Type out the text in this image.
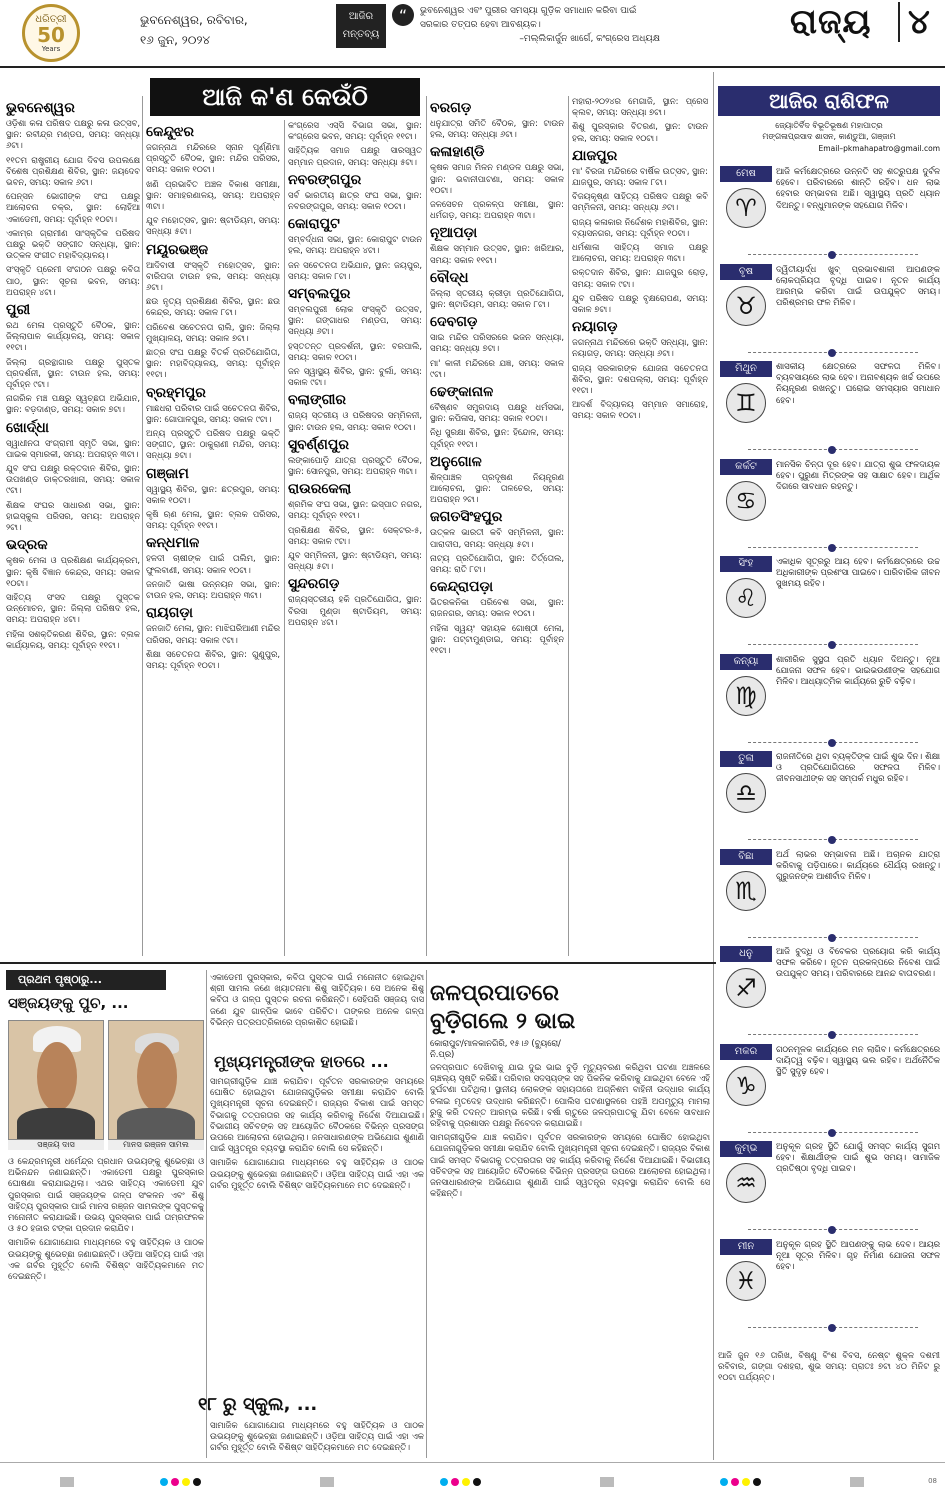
ଧରିତ୍ରୀ
50
Years
ଭୁବନେଶ୍ୱର, ରବିବାର,
୧୬ ଜୁନ, ୨୦୨୪
ଆଜିର
ମନ୍ତବ୍ୟ
“	ଭୁବନେଶ୍ୱର ଏବଂ ପୁରୀର ସମସ୍ୟା ଗୁଡ଼ିକ ସମାଧାନ କରିବା ପାଇଁ ସରକାର ତତ୍ପର ହେବା ଆବଶ୍ୟକ।
–ମଲ୍ଲିକାର୍ଜୁନ ଖାର୍ଗେ, କଂଗ୍ରେସ ଅଧ୍ୟକ୍ଷ	ରାଜ୍ୟ ୪
ଆଜି କ'ଣ କେଉଁଠି
ଭୁବନେଶ୍ୱର

ଓଡ଼ିଶା କଳା ପରିଷଦ ପକ୍ଷରୁ କଳା ଉତ୍ସବ, ସ୍ଥାନ: ରବୀନ୍ଦ୍ର ମଣ୍ଡପ, ସମୟ: ସନ୍ଧ୍ୟା ୬ଟା।

୧୧ତମ ରାଷ୍ଟ୍ରୀୟ ଯୋଗ ଦିବସ ଉପଲକ୍ଷେ ବିଶେଷ ପ୍ରଶିକ୍ଷଣ ଶିବିର, ସ୍ଥାନ: ଜୟଦେବ ଭବନ, ସମୟ: ସକାଳ ୬ଟା।

ପେନ୍‌ସନ ଭୋଗୀଙ୍କ ସଂଘ ପକ୍ଷରୁ ଆଲୋଚନା ଚକ୍ର, ସ୍ଥାନ: ଲୋହିଆ ଏକାଡେମୀ, ସମୟ: ପୂର୍ବାହ୍ନ ୧୦ଟା।

ଏକାମ୍ର ଗ୍ରାମୀଣ ସାଂସ୍କୃତିକ ପରିଷଦ ପକ୍ଷରୁ ଭକ୍ତି ସଙ୍ଗୀତ ସନ୍ଧ୍ୟା, ସ୍ଥାନ: ଉତ୍କଳ ସଂଗୀତ ମହାବିଦ୍ୟାଳୟ।

ସଂସ୍କୃତି ପ୍ରେମୀ ସଂଗଠନ ପକ୍ଷରୁ କବିତା ପାଠ, ସ୍ଥାନ: ସୂଚନା ଭବନ, ସମୟ: ଅପରାହ୍ନ ୪ଟା।

ପୁରୀ

ରଥ ମେଳା ପ୍ରସ୍ତୁତି ବୈଠକ, ସ୍ଥାନ: ଜିଲ୍ଲାପାଳ କାର୍ଯ୍ୟାଳୟ, ସମୟ: ସକାଳ ୧୧ଟା।

ଜିଲ୍ଲା ଗ୍ରନ୍ଥାଗାର ପକ୍ଷରୁ ପୁସ୍ତକ ପ୍ରଦର୍ଶନୀ, ସ୍ଥାନ: ଟାଉନ ହଲ, ସମୟ: ପୂର୍ବାହ୍ନ ୯ଟା।

ନାଗରିକ ମଞ୍ଚ ପକ୍ଷରୁ ସ୍ୱଚ୍ଛତା ଅଭିଯାନ, ସ୍ଥାନ: ବଡ଼ଦାଣ୍ଡ, ସମୟ: ସକାଳ ୭ଟା।

ଖୋର୍ଦ୍ଧା

ସ୍ୱାଧୀନତା ସଂଗ୍ରାମୀ ସ୍ମୃତି ସଭା, ସ୍ଥାନ: ପାଇକ ସ୍ମାରକୀ, ସମୟ: ଅପରାହ୍ନ ୩ଟା।

ଯୁବ ସଂଘ ପକ୍ଷରୁ ରକ୍ତଦାନ ଶିବିର, ସ୍ଥାନ: ଉପଖଣ୍ଡ ଡାକ୍ତରଖାନା, ସମୟ: ସକାଳ ୯ଟା।

ଶିକ୍ଷକ ସଂଘର ସାଧାରଣ ସଭା, ସ୍ଥାନ: ହାଇସ୍କୁଲ ପରିସର, ସମୟ: ଅପରାହ୍ନ ୨ଟା।

ଭଦ୍ରକ

କୃଷକ ମେଳା ଓ ପ୍ରଶିକ୍ଷଣ କାର୍ଯ୍ୟକ୍ରମ, ସ୍ଥାନ: କୃଷି ବିଜ୍ଞାନ କେନ୍ଦ୍ର, ସମୟ: ସକାଳ ୧୦ଟା।

ସାହିତ୍ୟ ସଂସଦ ପକ୍ଷରୁ ପୁସ୍ତକ ଉନ୍ମୋଚନ, ସ୍ଥାନ: ଜିଲ୍ଲା ପରିଷଦ ହଲ, ସମୟ: ଅପରାହ୍ନ ୪ଟା।

ମହିଳା ସଶକ୍ତିକରଣ ଶିବିର, ସ୍ଥାନ: ବ୍ଲକ କାର୍ଯ୍ୟାଳୟ, ସମୟ: ପୂର୍ବାହ୍ନ ୧୧ଟା।

କେନ୍ଦୁଝର

ଜଗନ୍ନାଥ ମନ୍ଦିରରେ ସ୍ନାନ ପୂର୍ଣ୍ଣିମା ପ୍ରସ୍ତୁତି ବୈଠକ, ସ୍ଥାନ: ମନ୍ଦିର ପରିସର, ସମୟ: ସକାଳ ୧୦ଟା।

ଖଣି ପ୍ରଭାବିତ ଅଞ୍ଚଳ ବିକାଶ ସମୀକ୍ଷା, ସ୍ଥାନ: ସମାହରଣାଳୟ, ସମୟ: ଅପରାହ୍ନ ୩ଟା।

ଯୁବ ମହୋତ୍ସବ, ସ୍ଥାନ: ଷ୍ଟାଡିୟମ, ସମୟ: ସନ୍ଧ୍ୟା ୫ଟା।

ମୟୂରଭଞ୍ଜ

ଆଦିବାସୀ ସଂସ୍କୃତି ମହୋତ୍ସବ, ସ୍ଥାନ: ବାରିପଦା ଟାଉନ ହଲ, ସମୟ: ସନ୍ଧ୍ୟା ୬ଟା।

ଛଉ ନୃତ୍ୟ ପ୍ରଶିକ୍ଷଣ ଶିବିର, ସ୍ଥାନ: ଛଉ କେନ୍ଦ୍ର, ସମୟ: ସକାଳ ୮ଟା।

ପରିବେଶ ସଚେତନତା ରାଲି, ସ୍ଥାନ: ଜିଲ୍ଲା ମୁଖ୍ୟାଳୟ, ସମୟ: ସକାଳ ୭ଟା।

ଛାତ୍ର ସଂଘ ପକ୍ଷରୁ ବିତର୍କ ପ୍ରତିଯୋଗିତା, ସ୍ଥାନ: ମହାବିଦ୍ୟାଳୟ, ସମୟ: ପୂର୍ବାହ୍ନ ୧୧ଟା।

ବ୍ରହ୍ମପୁର

ମାଛଧରା ପରିବାର ପାଇଁ ସଚେତନତା ଶିବିର, ସ୍ଥାନ: ଗୋପାଳପୁର, ସମୟ: ସକାଳ ୯ଟା।

ଅନ୍ୟ ପ୍ରସ୍ତୁତି ପରିଷଦ ପକ୍ଷରୁ ଭକ୍ତି ସଙ୍ଗୀତ, ସ୍ଥାନ: ଠାକୁରାଣୀ ମନ୍ଦିର, ସମୟ: ସନ୍ଧ୍ୟା ୭ଟା।

ଗଞ୍ଜାମ

ସ୍ୱାସ୍ଥ୍ୟ ଶିବିର, ସ୍ଥାନ: ଛତ୍ରପୁର, ସମୟ: ସକାଳ ୧୦ଟା।

କୃଷି ଋଣ ମେଳା, ସ୍ଥାନ: ବ୍ଲକ ପରିସର, ସମୟ: ପୂର୍ବାହ୍ନ ୧୧ଟା।

କନ୍ଧମାଳ

ହଳଦୀ ଚାଷୀଙ୍କ ପାଇଁ ତାଲିମ, ସ୍ଥାନ: ଫୁଲବାଣୀ, ସମୟ: ସକାଳ ୧୦ଟା।

ଜନଜାତି ଭାଷା ଉନ୍ନୟନ ସଭା, ସ୍ଥାନ: ଟାଉନ ହଲ, ସମୟ: ଅପରାହ୍ନ ୩ଟା।

ରାୟଗଡ଼ା

ଜନଜାତି ମେଳା, ସ୍ଥାନ: ମାଝିଘରିଆଣୀ ମନ୍ଦିର ପରିସର, ସମୟ: ସକାଳ ୯ଟା।

ଶିକ୍ଷା ସଚେତନତା ଶିବିର, ସ୍ଥାନ: ଗୁଣୁପୁର, ସମୟ: ପୂର୍ବାହ୍ନ ୧୦ଟା।

କଂଗ୍ରେସ ଏସ୍‌ସି ବିଭାଗ ସଭା, ସ୍ଥାନ: କଂଗ୍ରେସ ଭବନ, ସମୟ: ପୂର୍ବାହ୍ନ ୧୧ଟା।

ସାହିତ୍ୟିକ ସମାଜ ପକ୍ଷରୁ ସାରସ୍ୱତ ସମ୍ମାନ ପ୍ରଦାନ, ସମୟ: ସନ୍ଧ୍ୟା ୫ଟା।

ନବରଙ୍ଗପୁର

ସର୍ବ ଭାରତୀୟ ଛାତ୍ର ସଂଘ ସଭା, ସ୍ଥାନ: ନବରଙ୍ଗପୁର, ସମୟ: ସକାଳ ୧୦ଟା।

କୋରାପୁଟ

ସମ୍ବର୍ଦ୍ଧନା ସଭା, ସ୍ଥାନ: କୋରାପୁଟ ଟାଉନ ହଲ, ସମୟ: ଅପରାହ୍ନ ୪ଟା।

ଜନ ସଚେତନତା ଅଭିଯାନ, ସ୍ଥାନ: ଜୟପୁର, ସମୟ: ସକାଳ ୮ଟା।

ସମ୍ବଲପୁର

ସମ୍ବଲପୁରୀ ଲୋକ ସଂସ୍କୃତି ଉତ୍ସବ, ସ୍ଥାନ: ଗଙ୍ଗାଧର ମଣ୍ଡପ, ସମୟ: ସନ୍ଧ୍ୟା ୬ଟା।

ହସ୍ତତନ୍ତ ପ୍ରଦର୍ଶନୀ, ସ୍ଥାନ: ବରପାଲି, ସମୟ: ସକାଳ ୧୦ଟା।

ଜନ ସ୍ୱାସ୍ଥ୍ୟ ଶିବିର, ସ୍ଥାନ: ବୁର୍ଲା, ସମୟ: ସକାଳ ୯ଟା।

ବଲାଙ୍ଗୀର

ରାଜ୍ୟ ସ୍ତରୀୟ ଓ ପରିଷଦର ସମ୍ମିଳନୀ, ସ୍ଥାନ: ଟାଉନ ହଲ, ସମୟ: ସକାଳ ୧୦ଟା।

ସୁବର୍ଣ୍ଣପୁର

ଲଙ୍କାପୋଡ଼ି ଯାତ୍ରା ପ୍ରସ୍ତୁତି ବୈଠକ, ସ୍ଥାନ: ସୋନପୁର, ସମୟ: ଅପରାହ୍ନ ୩ଟା।

ରାଉରକେଲା

ଶ୍ରମିକ ସଂଘ ସଭା, ସ୍ଥାନ: ଇସ୍ପାତ ନଗର, ସମୟ: ପୂର୍ବାହ୍ନ ୧୧ଟା।

ପ୍ରଶିକ୍ଷଣ ଶିବିର, ସ୍ଥାନ: ସେକ୍ଟର-୫, ସମୟ: ସକାଳ ୯ଟା।

ଯୁବ ସମ୍ମିଳନୀ, ସ୍ଥାନ: ଷ୍ଟାଡିୟମ, ସମୟ: ସନ୍ଧ୍ୟା ୫ଟା।

ସୁନ୍ଦରଗଡ଼

ରାଜ୍ୟସ୍ତରୀୟ ହକି ପ୍ରତିଯୋଗିତା, ସ୍ଥାନ: ବିରସା ମୁଣ୍ଡା ଷ୍ଟାଡିୟମ, ସମୟ: ଅପରାହ୍ନ ୪ଟା।

ବରଗଡ଼

ଧନୁଯାତ୍ରା ସମିତି ବୈଠକ, ସ୍ଥାନ: ଟାଉନ ହଲ, ସମୟ: ସନ୍ଧ୍ୟା ୬ଟା।

କଳାହାଣ୍ଡି

କୃଷକ ସମାଜ ମିଳନ ମଣ୍ଡଳ ପକ୍ଷରୁ ସଭା, ସ୍ଥାନ: ଭବାନୀପାଟଣା, ସମୟ: ସକାଳ ୧୦ଟା।

ଜଳସେଚନ ପ୍ରକଳ୍ପ ସମୀକ୍ଷା, ସ୍ଥାନ: ଧର୍ମଗଡ଼, ସମୟ: ଅପରାହ୍ନ ୩ଟା।

ନୂଆପଡ଼ା

ଶିକ୍ଷକ ସମ୍ମାନ ଉତ୍ସବ, ସ୍ଥାନ: ଖରିଆର, ସମୟ: ସକାଳ ୧୧ଟା।

ବୌଦ୍ଧ

ଜିଲ୍ଲା ସ୍ତରୀୟ କ୍ରୀଡ଼ା ପ୍ରତିଯୋଗିତା, ସ୍ଥାନ: ଷ୍ଟାଡିୟମ, ସମୟ: ସକାଳ ୮ଟା।

ଦେବଗଡ଼

ସାଇ ମନ୍ଦିର ପରିସରରେ ଭଜନ ସନ୍ଧ୍ୟା, ସମୟ: ସନ୍ଧ୍ୟା ୭ଟା।

ମା' କାଳୀ ମନ୍ଦିରରେ ଯଜ୍ଞ, ସମୟ: ସକାଳ ୯ଟା।

ଢେଙ୍କାନାଳ

ବୈଷ୍ଣବ ସମ୍ପ୍ରଦାୟ ପକ୍ଷରୁ ଧର୍ମସଭା, ସ୍ଥାନ: କପିଳାସ, ସମୟ: ସକାଳ ୧୦ଟା।

ନିଧି ସୁରକ୍ଷା ଶିବିର, ସ୍ଥାନ: ହିନ୍ଦୋଳ, ସମୟ: ପୂର୍ବାହ୍ନ ୧୧ଟା।

ଅନୁଗୋଳ

ଶିଳ୍ପାଞ୍ଚଳ ପ୍ରଦୂଷଣ ନିୟନ୍ତ୍ରଣ ଆଲୋଚନା, ସ୍ଥାନ: ତାଳଚେର, ସମୟ: ଅପରାହ୍ନ ୨ଟା।

ଜଗତସିଂହପୁର

ଉତ୍କଳ ଭାରତୀ କବି ସମ୍ମିଳନୀ, ସ୍ଥାନ: ପାରାଦୀପ, ସମୟ: ସନ୍ଧ୍ୟା ୫ଟା।

ନାଟ୍ୟ ପ୍ରତିଯୋଗିତା, ସ୍ଥାନ: ତିର୍ତ୍ତୋଲ, ସମୟ: ରାତି ୮ଟା।

କେନ୍ଦ୍ରାପଡ଼ା

ଭିତରକନିକା ପରିବେଶ ସଭା, ସ୍ଥାନ: ରାଜନଗର, ସମୟ: ସକାଳ ୧୦ଟା।

ମହିଳା ସ୍ୱୟଂ ସହାୟକ ଗୋଷ୍ଠୀ ମେଳା, ସ୍ଥାନ: ପଟ୍ଟାମୁଣ୍ଡାଇ, ସମୟ: ପୂର୍ବାହ୍ନ ୧୧ଟା।

ମହାରା-୨୦୨୪ର ମେଗାଜି, ସ୍ଥାନ: ପ୍ରେସ କ୍ଲବ, ସମୟ: ସନ୍ଧ୍ୟା ୭ଟା।

ଶିଶୁ ପୁରସ୍କାର ବିତରଣ, ସ୍ଥାନ: ଟାଉନ ହଲ, ସମୟ: ସକାଳ ୧୦ଟା।

ଯାଜପୁର

ମା' ବିରଜା ମନ୍ଦିରରେ ବାର୍ଷିକ ଉତ୍ସବ, ସ୍ଥାନ: ଯାଜପୁର, ସମୟ: ସକାଳ ୮ଟା।

ବିଜୟକୃଷ୍ଣ ସାହିତ୍ୟ ପରିଷଦ ପକ୍ଷରୁ କବି ସମ୍ମିଳନୀ, ସମୟ: ସନ୍ଧ୍ୟା ୬ଟା।

ରାଜ୍ୟ କଳାକାର ନିର୍ଦ୍ଦେଶକ ମହାଶିବିର, ସ୍ଥାନ: ବ୍ୟାସନଗର, ସମୟ: ପୂର୍ବାହ୍ନ ୧୦ଟା।

ଧର୍ମଶାଳା ସାହିତ୍ୟ ସମାଜ ପକ୍ଷରୁ ଆଲୋଚନା, ସମୟ: ଅପରାହ୍ନ ୩ଟା।

ରକ୍ତଦାନ ଶିବିର, ସ୍ଥାନ: ଯାଜପୁର ରୋଡ଼, ସମୟ: ସକାଳ ୯ଟା।

ଯୁବ ପରିଷଦ ପକ୍ଷରୁ ବୃକ୍ଷରୋପଣ, ସମୟ: ସକାଳ ୭ଟା।

ନୟାଗଡ଼

ଜଗନ୍ନାଥ ମନ୍ଦିରରେ ଭକ୍ତି ସନ୍ଧ୍ୟା, ସ୍ଥାନ: ନୟାଗଡ଼, ସମୟ: ସନ୍ଧ୍ୟା ୬ଟା।

ରାଜ୍ୟ ସରକାରଙ୍କ ଯୋଜନା ସଚେତନତା ଶିବିର, ସ୍ଥାନ: ଦଶପଲ୍ଲା, ସମୟ: ପୂର୍ବାହ୍ନ ୧୧ଟା।

ଆଦର୍ଶ ବିଦ୍ୟାଳୟ ସମ୍ମାନ ସମାରୋହ, ସମୟ: ସକାଳ ୧୦ଟା।

ଆଜିର ରାଶିଫଳ
ଜ୍ୟୋତିର୍ବିଦ ବିଭୂତିଭୂଷଣ ମହାପାତ୍ର
ମଙ୍ଗଳାପ୍ରସାଦ ଶାସନ, କାଣ୍ଡୁଆ, ଗଞ୍ଜାମ
Email–pkmahapatro@gmail.com
ମେଷ
♈
ଆଜି କର୍ମକ୍ଷେତ୍ରରେ ଉନ୍ନତି ସହ ଶତ୍ରୁପକ୍ଷ ଦୁର୍ବଳ ହେବେ। ପରିବାରରେ ଶାନ୍ତି ରହିବ। ଧନ ଲାଭ ହେବାର ସମ୍ଭାବନା ଅଛି। ସ୍ୱାସ୍ଥ୍ୟ ପ୍ରତି ଧ୍ୟାନ ଦିଅନ୍ତୁ। ବନ୍ଧୁମାନଙ୍କ ସହଯୋଗ ମିଳିବ।
ବୃଷ
♉
ଦ୍ୱିତୀୟାର୍ଦ୍ଧ ଖୁବ୍ ପ୍ରଭାବଶାଳୀ ଆପଣଙ୍କ ଲୋକପ୍ରିୟତା ବୃଦ୍ଧି ପାଇବ। ନୂତନ କାର୍ଯ୍ୟ ଆରମ୍ଭ କରିବା ପାଇଁ ଉପଯୁକ୍ତ ସମୟ। ପରିଶ୍ରମର ଫଳ ମିଳିବ।
ମିଥୁନ
♊
ଶାସକୀୟ କ୍ଷେତ୍ରରେ ସଫଳତା ମିଳିବ। ବ୍ୟବସାୟରେ ଲାଭ ହେବ। ଅନାବଶ୍ୟକ ଖର୍ଚ୍ଚ ଉପରେ ନିୟନ୍ତ୍ରଣ ରଖନ୍ତୁ। ଘରୋଇ ସମସ୍ୟାର ସମାଧାନ ହେବ।
କର୍କଟ
♋
ମାନସିକ ଚିନ୍ତା ଦୂର ହେବ। ଯାତ୍ରା ଶୁଭ ଫଳଦାୟକ ହେବ। ପୁରୁଣା ମିତ୍ରଙ୍କ ସହ ସାକ୍ଷାତ ହେବ। ଆର୍ଥିକ ଦିଗରେ ସାବଧାନ ରହନ୍ତୁ।
ସିଂହ
♌
ଏକାଧିକ ସୂତ୍ରରୁ ଆୟ ହେବ। କର୍ମକ୍ଷେତ୍ରରେ ଉଚ୍ଚ ଅଧିକାରୀଙ୍କ ପ୍ରଶଂସା ପାଇବେ। ପାରିବାରିକ ଜୀବନ ସୁଖମୟ ରହିବ।
କନ୍ୟା
♍
ଶାରୀରିକ ସୁସ୍ଥତା ପ୍ରତି ଧ୍ୟାନ ଦିଅନ୍ତୁ। ନୂଆ ଯୋଜନା ସଫଳ ହେବ। ଭାଇଭଉଣୀଙ୍କ ସହଯୋଗ ମିଳିବ। ଆଧ୍ୟାତ୍ମିକ କାର୍ଯ୍ୟରେ ରୁଚି ବଢ଼ିବ।
ତୁଳା
♎
ରାଜନୀତିରେ ଥିବା ବ୍ୟକ୍ତିଙ୍କ ପାଇଁ ଶୁଭ ଦିନ। ଶିକ୍ଷା ଓ ପ୍ରତିଯୋଗିତାରେ ସଫଳତା ମିଳିବ। ଜୀବନସାଥୀଙ୍କ ସହ ସମ୍ପର୍କ ମଧୁର ରହିବ।
ବିଛା
♏
ଅର୍ଥ ଲାଭର ସମ୍ଭାବନା ଅଛି। ଅଚାନକ ଯାତ୍ରା କରିବାକୁ ପଡ଼ିପାରେ। କାର୍ଯ୍ୟରେ ଧୈର୍ଯ୍ୟ ରଖନ୍ତୁ। ଗୁରୁଜନଙ୍କ ଆଶୀର୍ବାଦ ମିଳିବ।
ଧନୁ
♐
ଆଜି ବୁଦ୍ଧି ଓ ବିବେକର ପ୍ରୟୋଗ କରି କାର୍ଯ୍ୟ ସଫଳ କରିବେ। ନୂତନ ପ୍ରକଳ୍ପରେ ନିବେଶ ପାଇଁ ଉପଯୁକ୍ତ ସମୟ। ପରିବାରରେ ଆନନ୍ଦ ବାତାବରଣ।
ମକର
♑
ଗଠନମୂଳକ କାର୍ଯ୍ୟରେ ମନ ଲାଗିବ। କର୍ମକ୍ଷେତ୍ରରେ ଦାୟିତ୍ୱ ବଢ଼ିବ। ସ୍ୱାସ୍ଥ୍ୟ ଭଲ ରହିବ। ଅର୍ଥନୈତିକ ସ୍ଥିତି ସୁଦୃଢ଼ ହେବ।
କୁମ୍ଭ
♒
ଅନୁକୂଳ ଗ୍ରହ ସ୍ଥିତି ଯୋଗୁଁ ସମସ୍ତ କାର୍ଯ୍ୟ ସୁଗମ ହେବ। ଶିକ୍ଷାର୍ଥୀଙ୍କ ପାଇଁ ଶୁଭ ସମୟ। ସାମାଜିକ ପ୍ରତିଷ୍ଠା ବୃଦ୍ଧି ପାଇବ।
ମୀନ
♓
ଅନୁକୂଳ ଗ୍ରହ ସ୍ଥିତି ଆପଣଙ୍କୁ ଲାଭ ଦେବ। ଆୟର ନୂଆ ସୂତ୍ର ମିଳିବ। ଗୃହ ନିର୍ମାଣ ଯୋଜନା ସଫଳ ହେବ।

ଆଜି ଜୁନ ୧୬ ତାରିଖ, ବିଷ୍ଣୁ ବିଂଶ ବିବସ, ନେଷ୍ଟ ଶୁକ୍ଳ ଦଶମୀ ରବିବାର, ଗଙ୍ଗା ଦଶହରା, ଶୁଭ ସମୟ: ପ୍ରାତଃ ୭ଟା ୪୦ ମିନିଟ ରୁ ୧୦ଟା ପର୍ଯ୍ୟନ୍ତ।

ପ୍ରଥମ ପୃଷ୍ଠାରୁ...
ସଞ୍ଜୟଙ୍କୁ ପୁଚ, ...
ସଞ୍ଜୟ ଦାସ	ମାନସ ରଞ୍ଜନ ସାମଲ

ଓ କେନ୍ଦ୍ରମନ୍ତ୍ରୀ ଧର୍ମେନ୍ଦ୍ର ପ୍ରଧାନ ଉଭୟଙ୍କୁ ଶୁଭେଚ୍ଛା ଓ ଅଭିନନ୍ଦନ ଜଣାଇଛନ୍ତି। ଏକାଡେମୀ ପକ୍ଷରୁ ପୁରସ୍କାର ଘୋଷଣା କରାଯାଇଥିଲା। ଏଥର ସାହିତ୍ୟ ଏକାଡେମୀ ଯୁବ ପୁରସ୍କାର ପାଇଁ ସଞ୍ଜୟଙ୍କ ଗଳ୍ପ ସଂକଳନ ଏବଂ ଶିଶୁ ସାହିତ୍ୟ ପୁରସ୍କାର ପାଇଁ ମାନସ ରଞ୍ଜନ ସାମଲଙ୍କ ପୁସ୍ତକକୁ ମନୋନୀତ କରାଯାଇଛି। ଉଭୟ ପୁରସ୍କାର ପାଇଁ ତାମ୍ରଫଳକ ଓ ୫୦ ହଜାର ଟଙ୍କା ପ୍ରଦାନ କରାଯିବ।

ସାମାଜିକ ଯୋଗାଯୋଗ ମାଧ୍ୟମରେ ବହୁ ସାହିତ୍ୟିକ ଓ ପାଠକ ଉଭୟଙ୍କୁ ଶୁଭେଚ୍ଛା ଜଣାଇଛନ୍ତି। ଓଡ଼ିଆ ସାହିତ୍ୟ ପାଇଁ ଏହା ଏକ ଗର୍ବର ମୁହୂର୍ତ୍ତ ବୋଲି ବିଶିଷ୍ଟ ସାହିତ୍ୟିକମାନେ ମତ ଦେଇଛନ୍ତି।

ଏକାଡେମୀ ପୁରସ୍କାର, କବିତା ପୁସ୍ତକ ପାଇଁ ମନୋନୀତ ହୋଇଥିବା ଶ୍ରୀ ସାମଲ ଜଣେ ଖ୍ୟାତନାମା ଶିଶୁ ସାହିତ୍ୟିକ। ସେ ଅନେକ ଶିଶୁ କବିତା ଓ ଗଳ୍ପ ପୁସ୍ତକ ରଚନା କରିଛନ୍ତି। ସେହିପରି ସଞ୍ଜୟ ଦାସ ଜଣେ ଯୁବ ଗାଳ୍ପିକ ଭାବେ ପରିଚିତ। ତାଙ୍କର ଅନେକ ଗଳ୍ପ ବିଭିନ୍ନ ପତ୍ରପତ୍ରିକାରେ ପ୍ରକାଶିତ ହୋଇଛି।

ମୁଖ୍ୟମନ୍ତ୍ରୀଙ୍କ ହାତରେ ...

ସାମଗ୍ରୀଗୁଡ଼ିକ ଯାଞ୍ଚ କରାଯିବ। ପୂର୍ବତନ ସରକାରଙ୍କ ସମୟରେ ଘୋଷିତ ହୋଇଥିବା ଯୋଜନାଗୁଡ଼ିକର ସମୀକ୍ଷା କରାଯିବ ବୋଲି ମୁଖ୍ୟମନ୍ତ୍ରୀ ସୂଚନା ଦେଇଛନ୍ତି। ରାଜ୍ୟର ବିକାଶ ପାଇଁ ସମସ୍ତ ବିଭାଗକୁ ତତ୍ପରତାର ସହ କାର୍ଯ୍ୟ କରିବାକୁ ନିର୍ଦ୍ଦେଶ ଦିଆଯାଇଛି। ବିଭାଗୀୟ ସଚିବଙ୍କ ସହ ଆୟୋଜିତ ବୈଠକରେ ବିଭିନ୍ନ ପ୍ରସଙ୍ଗ ଉପରେ ଆଲୋଚନା ହୋଇଥିଲା। ଜନସାଧାରଣଙ୍କ ଅଭିଯୋଗ ଶୁଣାଣି ପାଇଁ ସ୍ୱତନ୍ତ୍ର ବ୍ୟବସ୍ଥା କରାଯିବ ବୋଲି ସେ କହିଛନ୍ତି।

ସାମାଜିକ ଯୋଗାଯୋଗ ମାଧ୍ୟମରେ ବହୁ ସାହିତ୍ୟିକ ଓ ପାଠକ ଉଭୟଙ୍କୁ ଶୁଭେଚ୍ଛା ଜଣାଇଛନ୍ତି। ଓଡ଼ିଆ ସାହିତ୍ୟ ପାଇଁ ଏହା ଏକ ଗର୍ବର ମୁହୂର୍ତ୍ତ ବୋଲି ବିଶିଷ୍ଟ ସାହିତ୍ୟିକମାନେ ମତ ଦେଇଛନ୍ତି।

୧୮ ରୁ ସ୍କୁଲ, ...

ସାମାଜିକ ଯୋଗାଯୋଗ ମାଧ୍ୟମରେ ବହୁ ସାହିତ୍ୟିକ ଓ ପାଠକ ଉଭୟଙ୍କୁ ଶୁଭେଚ୍ଛା ଜଣାଇଛନ୍ତି। ଓଡ଼ିଆ ସାହିତ୍ୟ ପାଇଁ ଏହା ଏକ ଗର୍ବର ମୁହୂର୍ତ୍ତ ବୋଲି ବିଶିଷ୍ଟ ସାହିତ୍ୟିକମାନେ ମତ ଦେଇଛନ୍ତି।

ଜଳପ୍ରପାତରେ ବୁଡ଼ିଗଲେ ୨ ଭାଇ
କୋରାପୁଟ/ମାଳକାନଗିରି, ୧୫।୬ (ବ୍ୟୁରୋ/ନି.ପ୍ର)

ଜଳପ୍ରପାତ ଦେଖିବାକୁ ଯାଇ ଦୁଇ ଭାଇ ବୁଡ଼ି ମୃତ୍ୟୁବରଣ କରିଥିବା ଘଟଣା ଅଞ୍ଚଳରେ ଚାଞ୍ଚଲ୍ୟ ସୃଷ୍ଟି କରିଛି। ପରିବାର ସଦସ୍ୟଙ୍କ ସହ ପିକନିକ କରିବାକୁ ଯାଇଥିବା ବେଳେ ଏହି ଦୁର୍ଘଟଣା ଘଟିଥିଲା। ସ୍ଥାନୀୟ ଲୋକଙ୍କ ସହାୟତାରେ ଅଗ୍ନିଶମ ବାହିନୀ ଉଦ୍ଧାର କାର୍ଯ୍ୟ ଚଳାଇ ମୃତଦେହ ଉଦ୍ଧାର କରିଛନ୍ତି। ପୋଲିସ ଘଟଣାସ୍ଥଳରେ ପହଞ୍ଚି ଅପମୃତ୍ୟୁ ମାମଲା ରୁଜୁ କରି ତଦନ୍ତ ଆରମ୍ଭ କରିଛି। ବର୍ଷା ଋତୁରେ ଜଳପ୍ରପାତକୁ ଯିବା ବେଳେ ସାବଧାନ ରହିବାକୁ ପ୍ରଶାସନ ପକ୍ଷରୁ ନିବେଦନ କରାଯାଇଛି।

ସାମଗ୍ରୀଗୁଡ଼ିକ ଯାଞ୍ଚ କରାଯିବ। ପୂର୍ବତନ ସରକାରଙ୍କ ସମୟରେ ଘୋଷିତ ହୋଇଥିବା ଯୋଜନାଗୁଡ଼ିକର ସମୀକ୍ଷା କରାଯିବ ବୋଲି ମୁଖ୍ୟମନ୍ତ୍ରୀ ସୂଚନା ଦେଇଛନ୍ତି। ରାଜ୍ୟର ବିକାଶ ପାଇଁ ସମସ୍ତ ବିଭାଗକୁ ତତ୍ପରତାର ସହ କାର୍ଯ୍ୟ କରିବାକୁ ନିର୍ଦ୍ଦେଶ ଦିଆଯାଇଛି। ବିଭାଗୀୟ ସଚିବଙ୍କ ସହ ଆୟୋଜିତ ବୈଠକରେ ବିଭିନ୍ନ ପ୍ରସଙ୍ଗ ଉପରେ ଆଲୋଚନା ହୋଇଥିଲା। ଜନସାଧାରଣଙ୍କ ଅଭିଯୋଗ ଶୁଣାଣି ପାଇଁ ସ୍ୱତନ୍ତ୍ର ବ୍ୟବସ୍ଥା କରାଯିବ ବୋଲି ସେ କହିଛନ୍ତି।

08
